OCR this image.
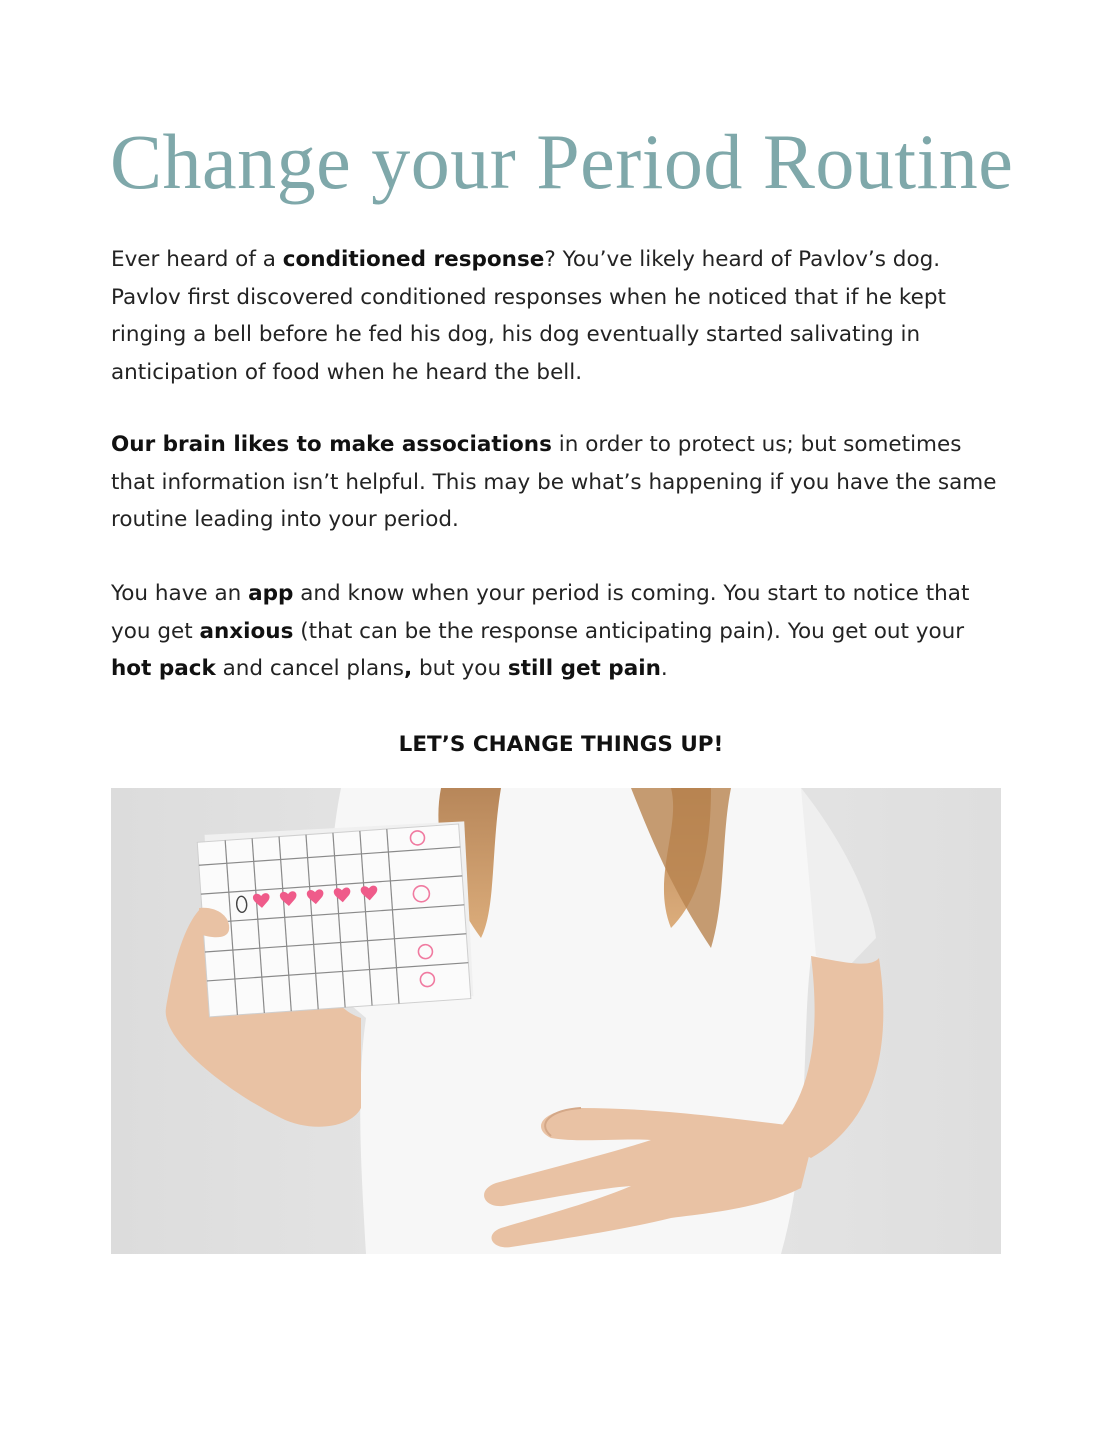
Change your Period Routine

Ever heard of a conditioned response? You’ve likely heard of Pavlov’s dog. Pavlov first discovered conditioned responses when he noticed that if he kept ringing a bell before he fed his dog, his dog eventually started salivating in anticipation of food when he heard the bell.

Our brain likes to make associations in order to protect us; but sometimes that information isn’t helpful. This may be what’s happening if you have the same routine leading into your period.

You have an app and know when your period is coming. You start to notice that you get anxious (that can be the response anticipating pain). You get out your hot pack and cancel plans, but you still get pain.

LET’S CHANGE THINGS UP!
